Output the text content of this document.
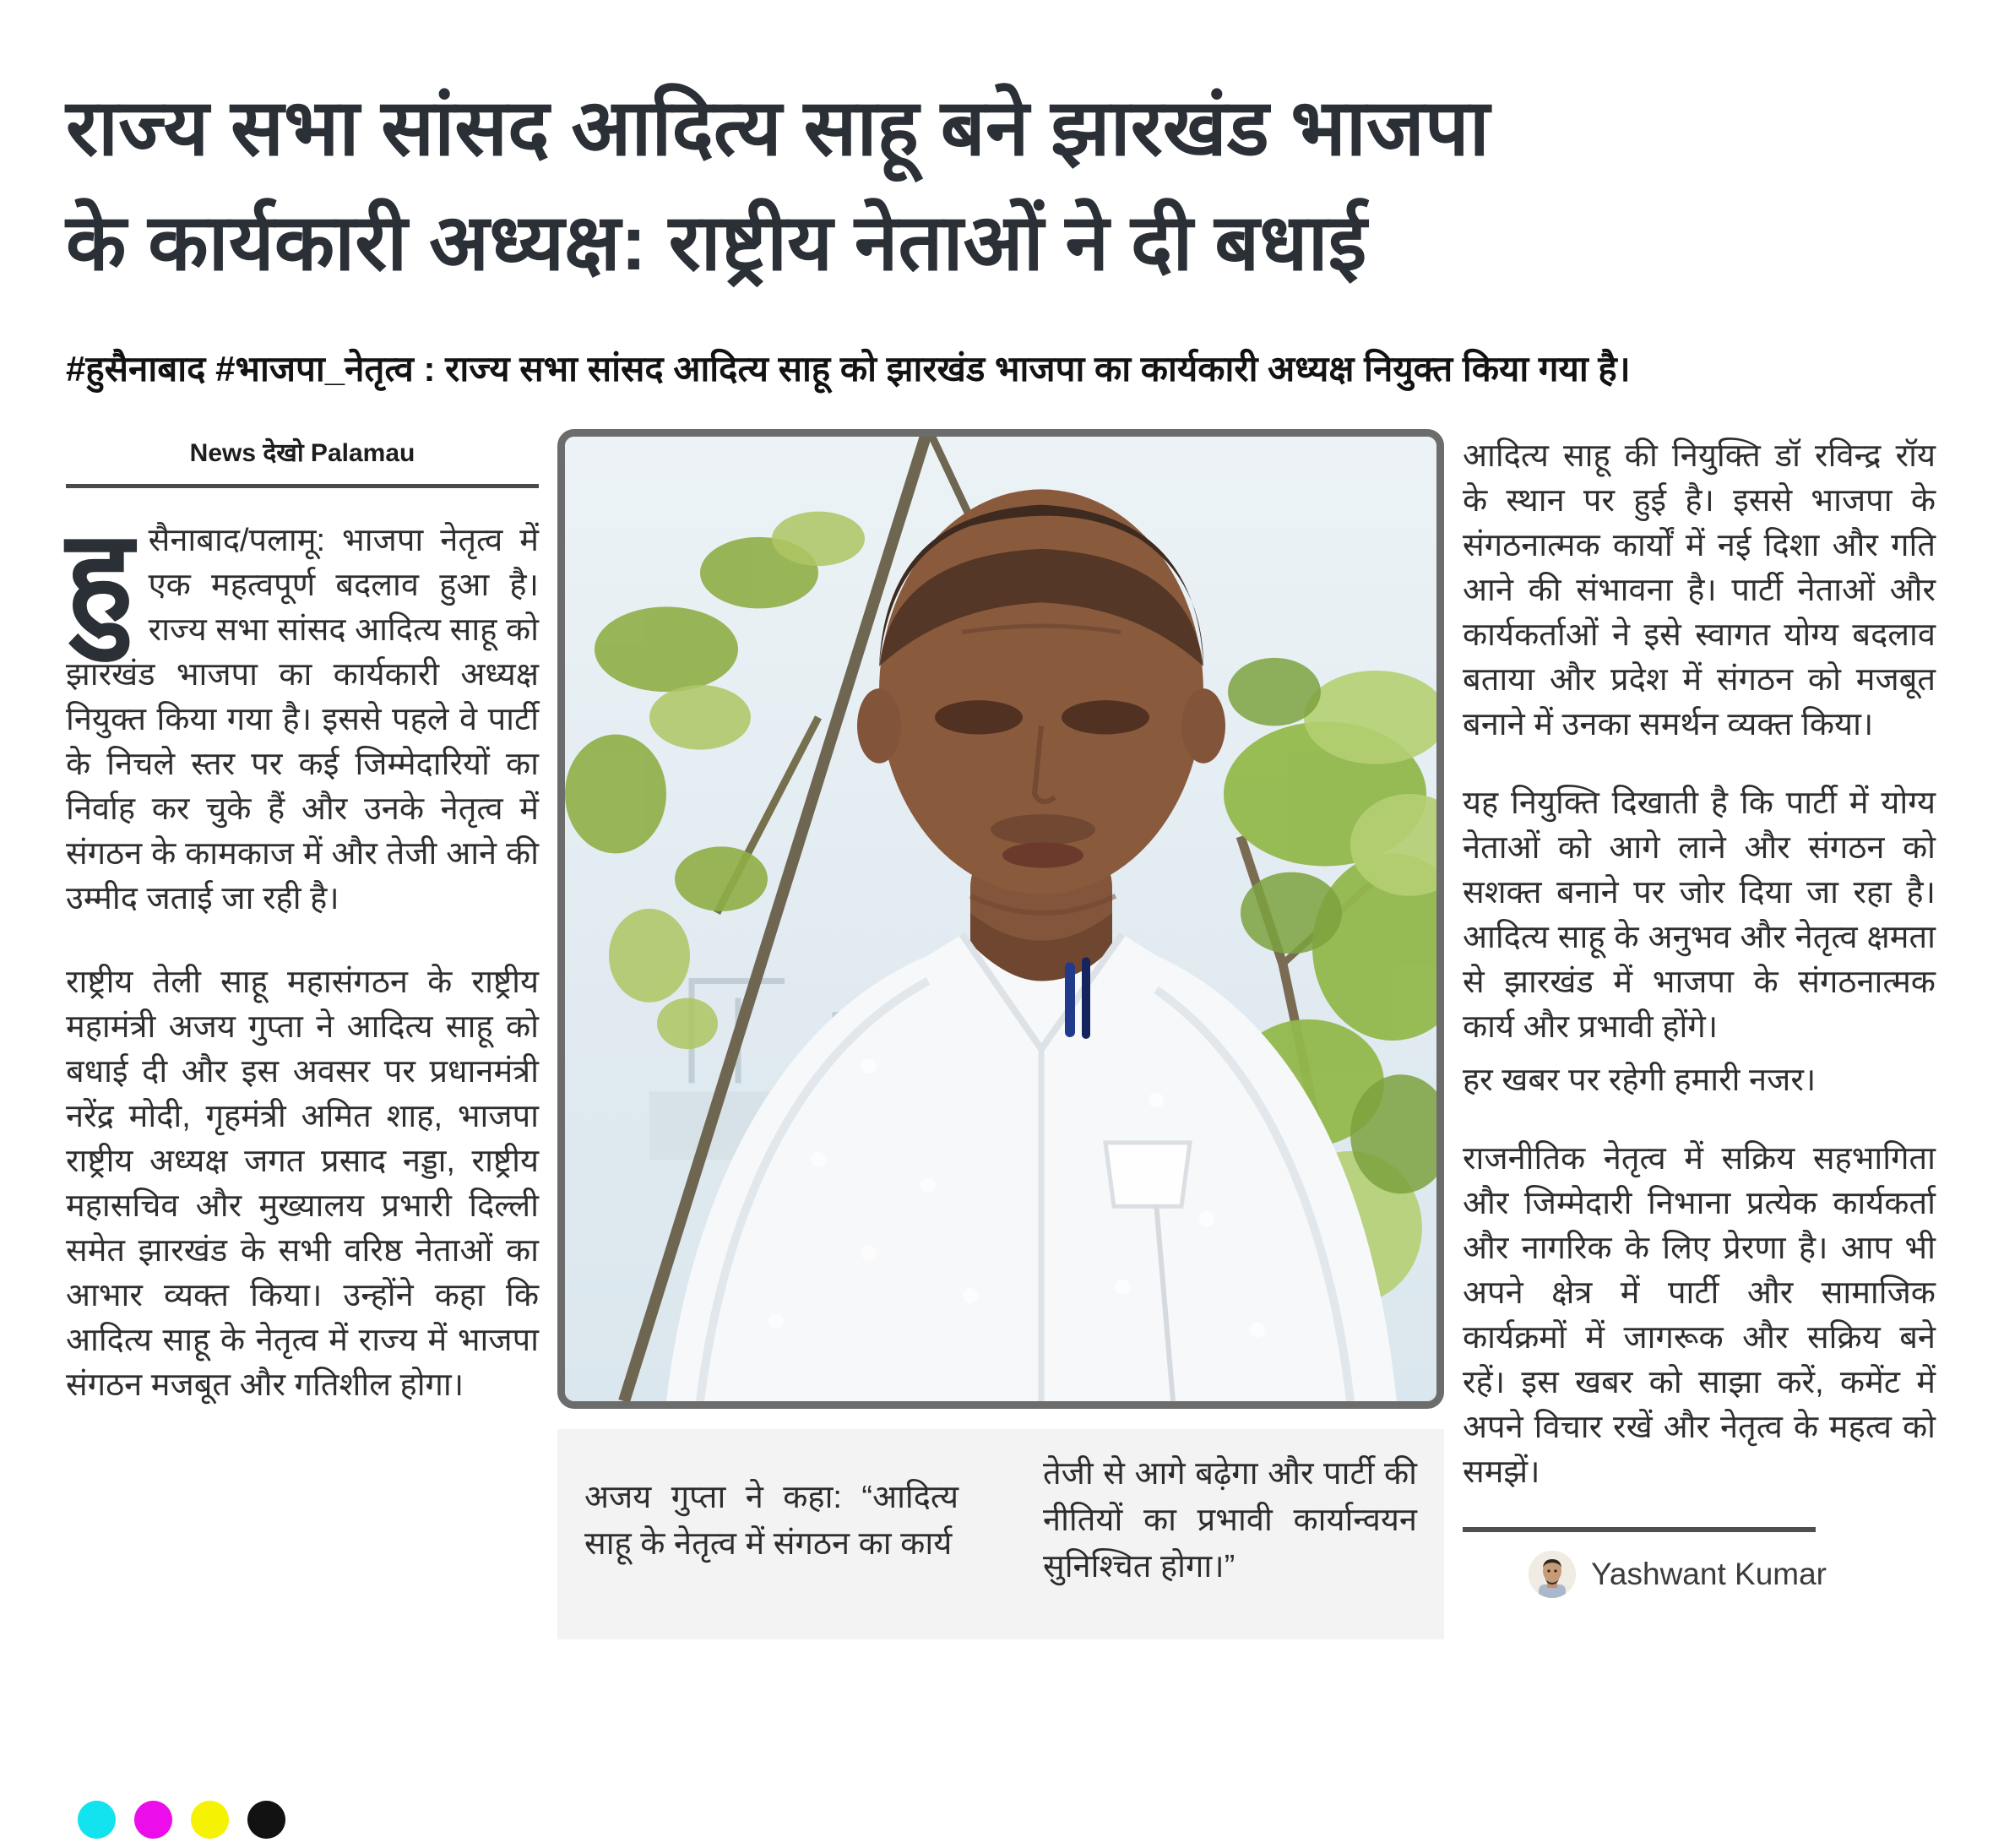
राज्य सभा सांसद आदित्य साहू बने झारखंड भाजपा
के कार्यकारी अध्यक्ष: राष्ट्रीय नेताओं ने दी बधाई

#हुसैनाबाद #भाजपा_नेतृत्व : राज्य सभा सांसद आदित्य साहू को झारखंड भाजपा का कार्यकारी अध्यक्ष नियुक्त किया गया है।

News देखो Palamau

हुसैनाबाद/पलामू: भाजपा नेतृत्व में एक महत्वपूर्ण बदलाव हुआ है। राज्य सभा सांसद आदित्य साहू को झारखंड भाजपा का कार्यकारी अध्यक्ष नियुक्त किया गया है। इससे पहले वे पार्टी के निचले स्तर पर कई जिम्मेदारियों का निर्वाह कर चुके हैं और उनके नेतृत्व में संगठन के कामकाज में और तेजी आने की उम्मीद जताई जा रही है।

राष्ट्रीय तेली साहू महासंगठन के राष्ट्रीय महामंत्री अजय गुप्ता ने आदित्य साहू को बधाई दी और इस अवसर पर प्रधानमंत्री नरेंद्र मोदी, गृहमंत्री अमित शाह, भाजपा राष्ट्रीय अध्यक्ष जगत प्रसाद नड्डा, राष्ट्रीय महासचिव और मुख्यालय प्रभारी दिल्ली समेत झारखंड के सभी वरिष्ठ नेताओं का आभार व्यक्त किया। उन्होंने कहा कि आदित्य साहू के नेतृत्व में राज्य में भाजपा संगठन मजबूत और गतिशील होगा।

अजय गुप्ता ने कहा: “आदित्य साहू के नेतृत्व में संगठन का कार्य
तेजी से आगे बढ़ेगा और पार्टी की नीतियों का प्रभावी कार्यान्वयन सुनिश्चित होगा।”

आदित्य साहू की नियुक्ति डॉ रविन्द्र रॉय के स्थान पर हुई है। इससे भाजपा के संगठनात्मक कार्यों में नई दिशा और गति आने की संभावना है। पार्टी नेताओं और कार्यकर्ताओं ने इसे स्वागत योग्य बदलाव बताया और प्रदेश में संगठन को मजबूत बनाने में उनका समर्थन व्यक्त किया।

यह नियुक्ति दिखाती है कि पार्टी में योग्य नेताओं को आगे लाने और संगठन को सशक्त बनाने पर जोर दिया जा रहा है। आदित्य साहू के अनुभव और नेतृत्व क्षमता से झारखंड में भाजपा के संगठनात्मक कार्य और प्रभावी होंगे।

हर खबर पर रहेगी हमारी नजर।

राजनीतिक नेतृत्व में सक्रिय सहभागिता और जिम्मेदारी निभाना प्रत्येक कार्यकर्ता और नागरिक के लिए प्रेरणा है। आप भी अपने क्षेत्र में पार्टी और सामाजिक कार्यक्रमों में जागरूक और सक्रिय बने रहें। इस खबर को साझा करें, कमेंट में अपने विचार रखें और नेतृत्व के महत्व को समझें।

Yashwant Kumar
